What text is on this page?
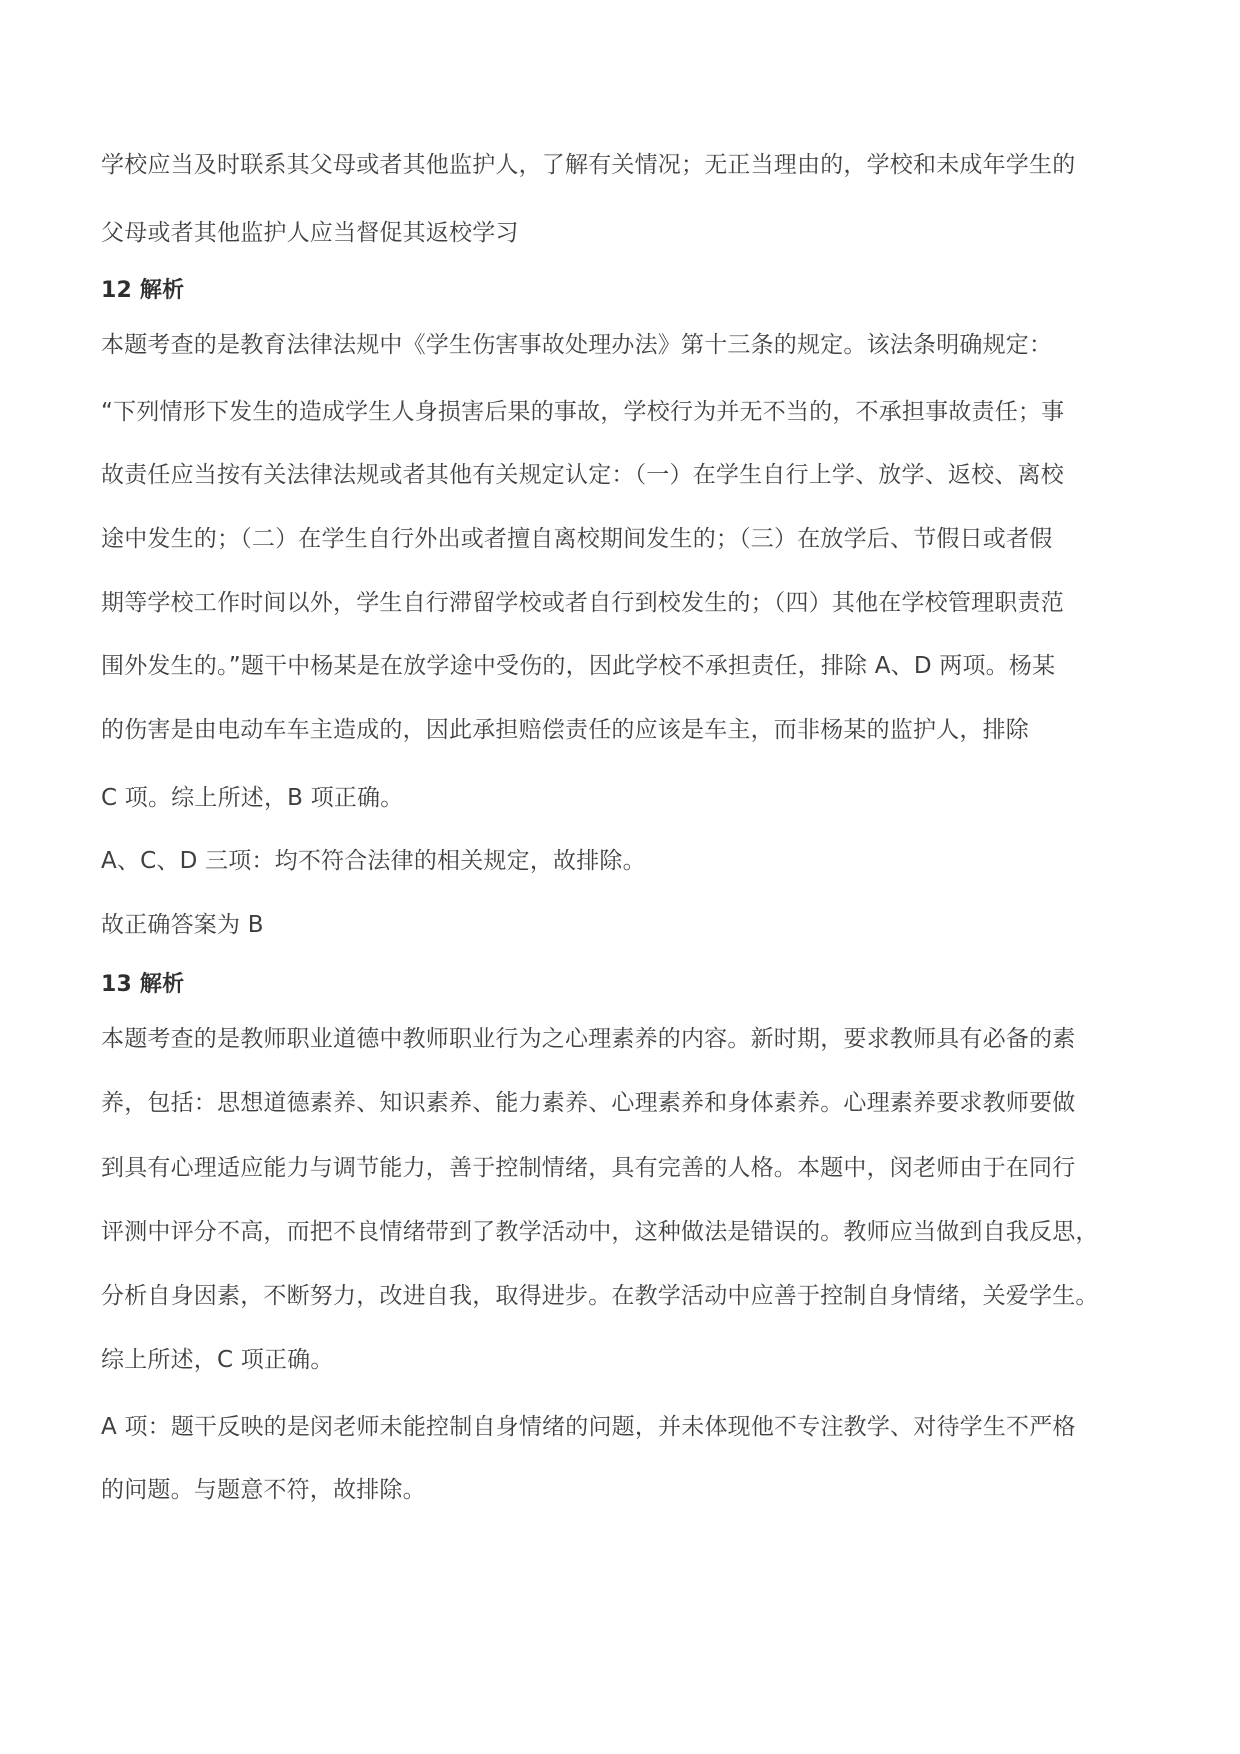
学校应当及时联系其父母或者其他监护人，了解有关情况；无正当理由的，学校和未成年学生的
父母或者其他监护人应当督促其返校学习
12 解析
本题考查的是教育法律法规中《学生伤害事故处理办法》第十三条的规定。该法条明确规定：
“下列情形下发生的造成学生人身损害后果的事故，学校行为并无不当的，不承担事故责任；事
故责任应当按有关法律法规或者其他有关规定认定：（一）在学生自行上学、放学、返校、离校
途中发生的；（二）在学生自行外出或者擅自离校期间发生的；（三）在放学后、节假日或者假
期等学校工作时间以外，学生自行滞留学校或者自行到校发生的；（四）其他在学校管理职责范
围外发生的。”题干中杨某是在放学途中受伤的，因此学校不承担责任，排除 A、D 两项。杨某
的伤害是由电动车车主造成的，因此承担赔偿责任的应该是车主，而非杨某的监护人，排除
C 项。综上所述，B 项正确。
A、C、D 三项：均不符合法律的相关规定，故排除。
故正确答案为 B
13 解析
本题考查的是教师职业道德中教师职业行为之心理素养的内容。新时期，要求教师具有必备的素
养，包括：思想道德素养、知识素养、能力素养、心理素养和身体素养。心理素养要求教师要做
到具有心理适应能力与调节能力，善于控制情绪，具有完善的人格。本题中，闵老师由于在同行
评测中评分不高，而把不良情绪带到了教学活动中，这种做法是错误的。教师应当做到自我反思，
分析自身因素，不断努力，改进自我，取得进步。在教学活动中应善于控制自身情绪，关爱学生。
综上所述，C 项正确。
A 项：题干反映的是闵老师未能控制自身情绪的问题，并未体现他不专注教学、对待学生不严格
的问题。与题意不符，故排除。
